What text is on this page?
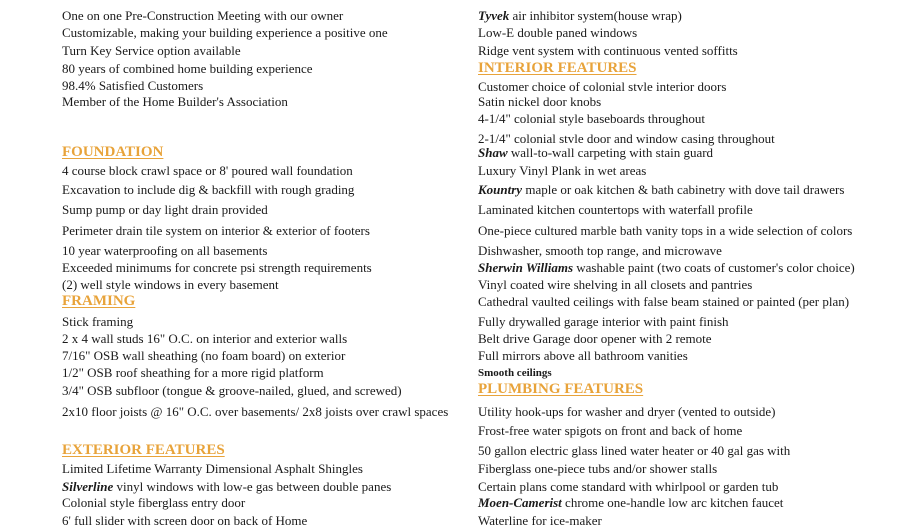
One on one Pre-Construction Meeting with our owner
Customizable, making your building experience a positive one
Turn Key Service option available
80 years of combined home building experience
98.4% Satisfied Customers
Member of the Home Builder's Association
FOUNDATION
4 course block crawl space or 8' poured wall foundation
Excavation to include dig & backfill with rough grading
Sump pump or day light drain provided
Perimeter drain tile system on interior & exterior of footers
10 year waterproofing on all basements
Exceeded minimums for concrete psi strength requirements
(2) well style windows in every basement
FRAMING
Stick framing
2 x 4 wall studs 16" O.C. on interior and exterior walls
7/16" OSB wall sheathing (no foam board) on exterior
1/2" OSB roof sheathing for a more rigid platform
3/4" OSB subfloor (tongue & groove-nailed, glued, and screwed)
2x10 floor joists @ 16" O.C. over basements/ 2x8 joists over crawl spaces
EXTERIOR FEATURES
Limited Lifetime Warranty Dimensional Asphalt Shingles
Silverline vinyl windows with low-e gas between double panes
Colonial style fiberglass entry door
6' full slider with screen door on back of Home
Tyvek air inhibitor system(house wrap)
Low-E double paned windows
Ridge vent system with continuous vented soffitts
INTERIOR FEATURES
Customer choice of colonial stvle interior doors
Satin nickel door knobs
4-1/4" colonial style baseboards throughout
2-1/4" colonial stvle door and window casing throughout
Shaw wall-to-wall carpeting with stain guard
Luxury Vinyl Plank in wet areas
Kountry maple or oak kitchen & bath cabinetry with dove tail drawers
Laminated kitchen countertops with waterfall profile
One-piece cultured marble bath vanity tops in a wide selection of colors
Dishwasher, smooth top range, and microwave
Sherwin Williams washable paint (two coats of customer's color choice)
Vinyl coated wire shelving in all closets and pantries
Cathedral vaulted ceilings with false beam stained or painted (per plan)
Fully drywalled garage interior with paint finish
Belt drive Garage door opener with 2 remote
Full mirrors above all bathroom vanities
Smooth ceilings
PLUMBING FEATURES
Utility hook-ups for washer and dryer (vented to outside)
Frost-free water spigots on front and back of home
50 gallon electric glass lined water heater or 40 gal gas with
Fiberglass one-piece tubs and/or shower stalls
Certain plans come standard with whirlpool or garden tub
Moen-Camerist chrome one-handle low arc kitchen faucet
Waterline for ice-maker
